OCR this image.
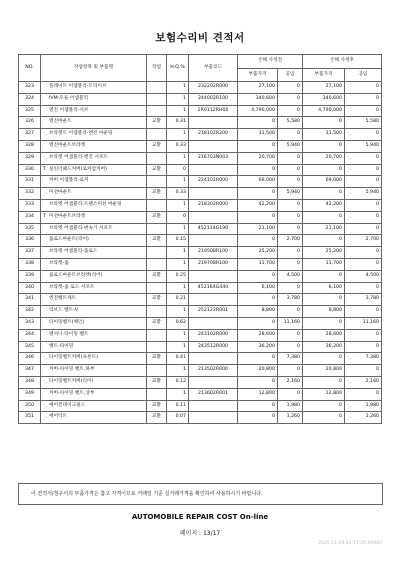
보험수리비 견적서
NO.	작업항목 및 부품명	작업	H.Q.%	부품코드	손해 사정전		손해 사정후	
					부품가격	공임	부품가격	공임
323	플레이트 어셈블리-트라이브		1	232202R000	27,100	0	27,100	0
324	IVM-모듈 어셈블리		1	244002R100	340,600	0	340,600	0
325	엔진 어셈블리-서브		1	1R0112RH00	4,790,000	0	4,790,000	0
326	엔진마운트	교환	0.31		0	5,580	0	5,580
327	브라켓트 어셈블리-엔진 마운팅		1	218102R200	31,500	0	31,500	0
328	엔진마운트브라켓	교환	0.33		0	5,940	0	5,940
329	브라켓 어셈블리-엔진 서포트		1	216703N003	20,700	0	20,700	0
330	T 실린더헤드커버(로커암커버)	교환	0		0	0	0	0
331	커버 어셈블리-로커		1	224102R000	69,000	0	69,000	0
332	미션마운트	교환	0.33		0	5,940	0	5,940
333	브라켓 어셈블리-트랜스미션 마운팅		1	218302R000	42,200	0	42,200	0
334	T 미션마운트브라켓	교환	0		0	0	0	0
335	브라켓 어셈블리-변속기 서포트		1	452114G190	21,100	0	21,100	0
336	롤로드마운트(리어)	교환	0.15		0	2,700	0	2,700
337	브라켓 어셈블리-롤로드		1	219508R100	25,200	0	25,200	0
338	브라켓-롤		1	219708R100	11,700	0	11,700	0
339	롤로드마운트브라켓(리어)	교환	0.25		0	4,500	0	4,500
340	브라켓-롤 로드 서포트		1	452164G440	6,100	0	6,100	0
341	엔진벨트세트	교환	0.21		0	3,780	0	3,780
342	리브드 벨트-V		1	252122R001	8,800	0	8,800	0
343	타이밍벨트(체인)	교환	0.62		0	11,160	0	11,160
344	텐셔너-타이밍 벨트		1	243102R000	28,600	0	28,600	0
345	벨트-타이밍		1	243512R000	36,200	0	36,200	0
346	타이밍벨트커버(프론트)	교환	0.41		0	7,380	0	7,380
347	커버-타이밍 벨트,하부		1	213502R000	20,800	0	20,800	0
348	타이밍벨트커버(리어)	교환	0.12		0	2,160	0	2,160
349	커버-타이밍 벨트,상부		1	213602R001	12,800	0	12,800	0
350	에어컨테이크필드	교환	0.11		0	1,980	0	1,980
351	에어덕트	교환	0.07		0	1,260	0	1,260
이 견적서/청구서의 부품가격은 참고 가격이므로 거래일 기준 실거래가격을 확인하여 사용하시기 바랍니다.
AUTOMOBILE REPAIR COST On-line
페이지 : 13/17
2025-11-19 14:17:26 KR080
